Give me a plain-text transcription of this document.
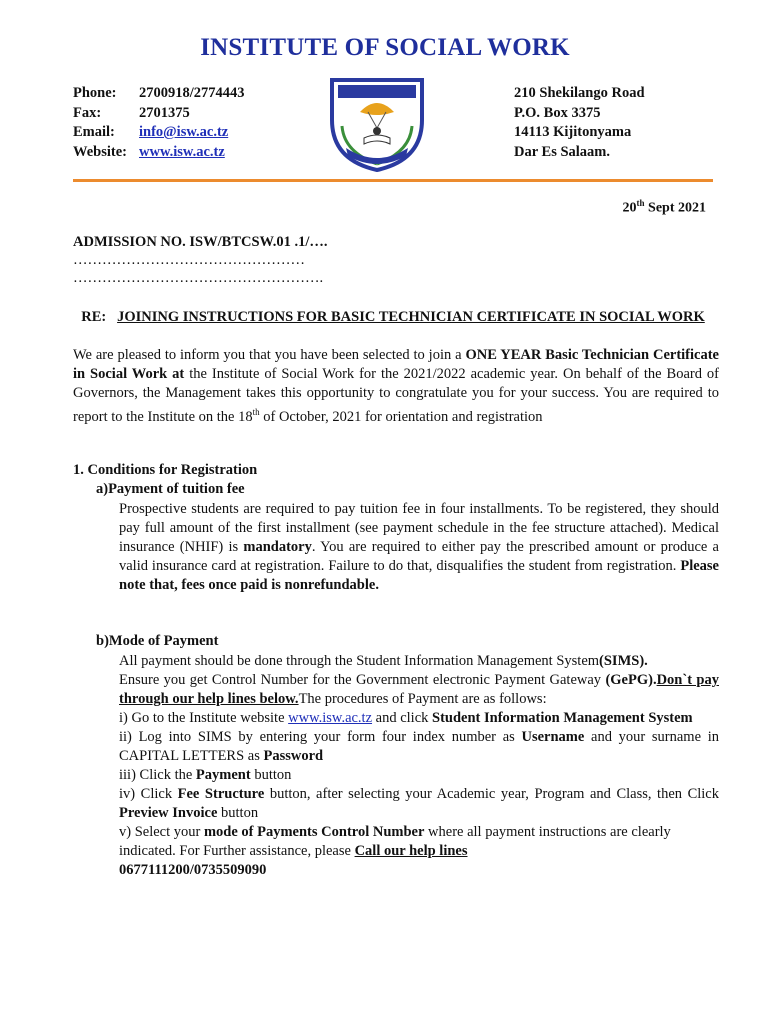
INSTITUTE OF SOCIAL WORK
Phone: 2700918/2774443
Fax:	2701375
Email: info@isw.ac.tz
Website: www.isw.ac.tz
210 Shekilango Road
P.O. Box 3375
14113 Kijitonyama
Dar Es Salaam.
20th Sept 2021
ADMISSION NO. ISW/BTCSW.01 .1/….
…………………………………………
…………………………………………….
RE: JOINING INSTRUCTIONS FOR BASIC TECHNICIAN CERTIFICATE IN SOCIAL WORK
We are pleased to inform you that you have been selected to join a ONE YEAR Basic Technician Certificate in Social Work at the Institute of Social Work for the 2021/2022 academic year. On behalf of the Board of Governors, the Management takes this opportunity to congratulate you for your success. You are required to report to the Institute on the 18th of October, 2021 for orientation and registration
1. Conditions for Registration
a)Payment of tuition fee
Prospective students are required to pay tuition fee in four installments. To be registered, they should pay full amount of the first installment (see payment schedule in the fee structure attached). Medical insurance (NHIF) is mandatory. You are required to either pay the prescribed amount or produce a valid insurance card at registration. Failure to do that, disqualifies the student from registration. Please note that, fees once paid is nonrefundable.
b)Mode of Payment
All payment should be done through the Student Information Management System(SIMS).
Ensure you get Control Number for the Government electronic Payment Gateway (GePG).Don`t pay through our help lines below.The procedures of Payment are as follows:
i) Go to the Institute website www.isw.ac.tz and click Student Information Management System
ii) Log into SIMS by entering your form four index number as Username and your surname in CAPITAL LETTERS as Password
iii) Click the Payment button
iv) Click Fee Structure button, after selecting your Academic year, Program and Class, then Click Preview Invoice button
v) Select your mode of Payments Control Number where all payment instructions are clearly indicated. For Further assistance, please Call our help lines
0677111200/0735509090
